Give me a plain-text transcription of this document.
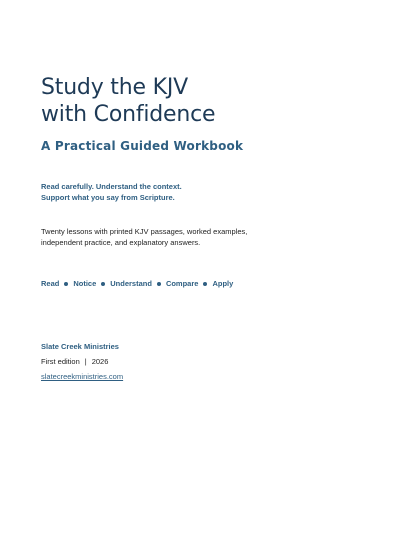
Study the KJV
with Confidence
A Practical Guided Workbook
Read carefully. Understand the context.
Support what you say from Scripture.
Twenty lessons with printed KJV passages, worked examples,
independent practice, and explanatory answers.
Read Notice Understand Compare Apply
Slate Creek Ministries
First edition | 2026
slatecreekministries.com
